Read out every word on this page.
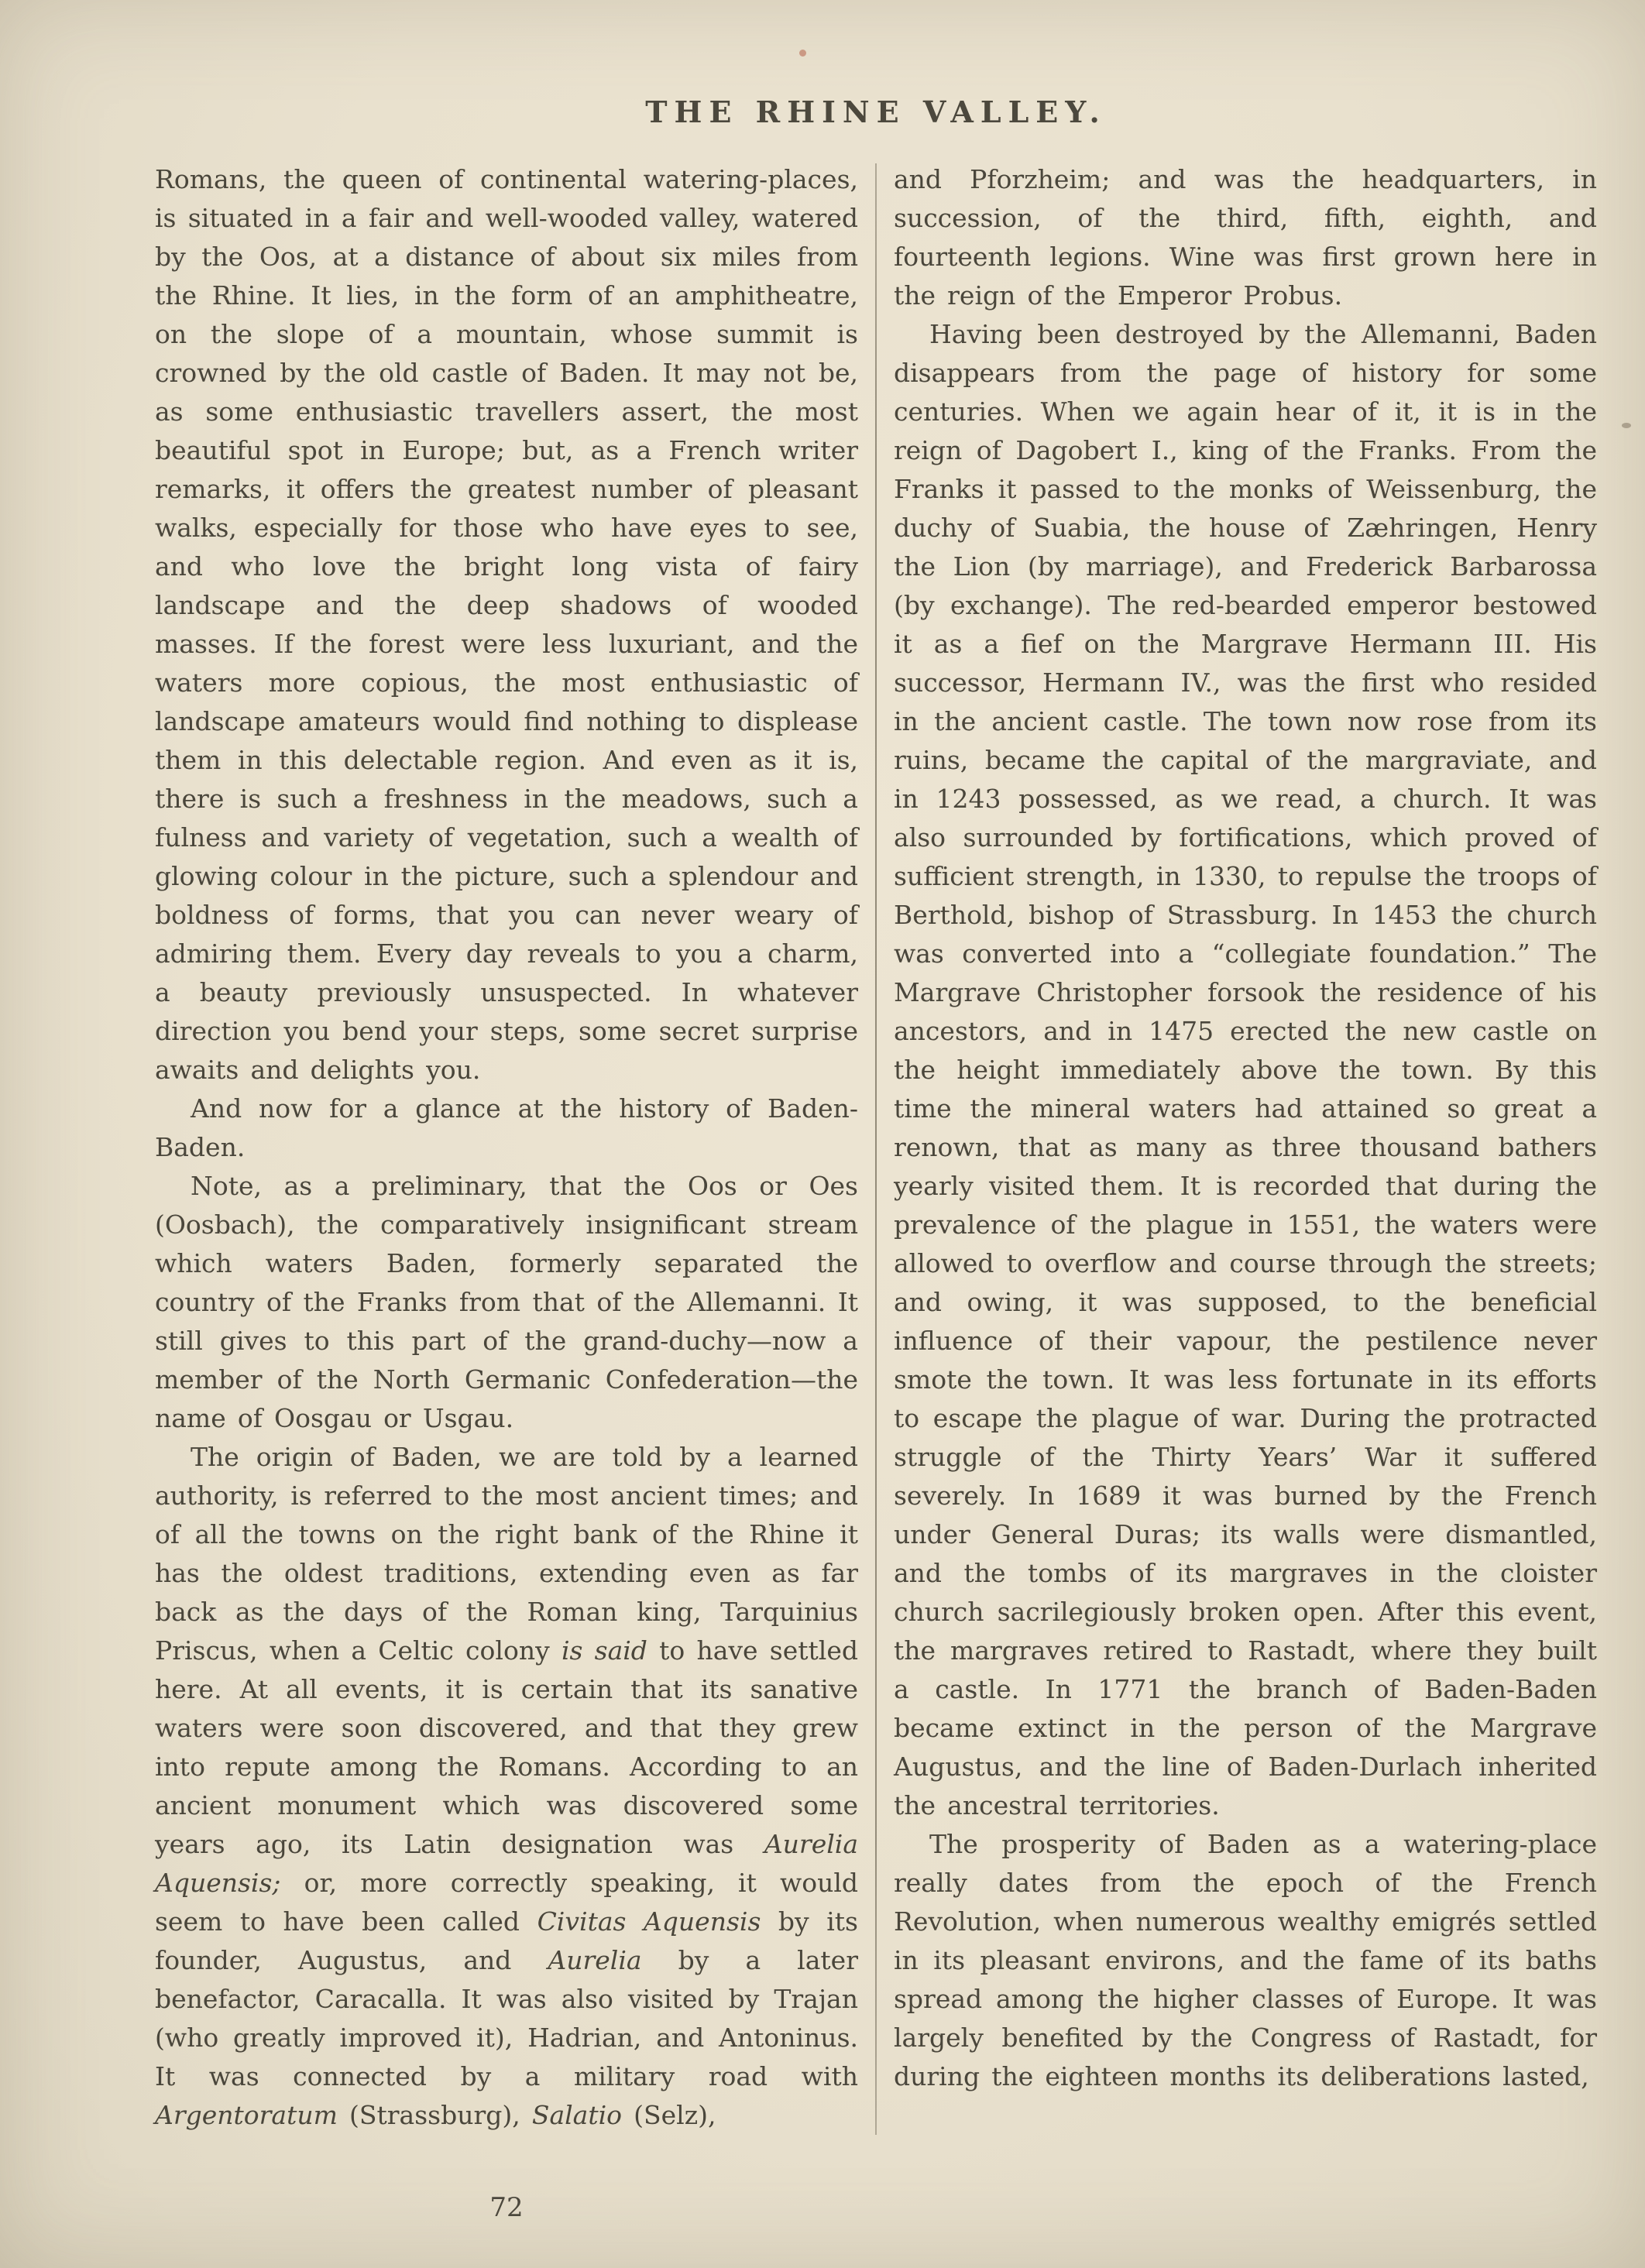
THE RHINE VALLEY.

Romans, the queen of continental watering-places, is situated in a fair and well-wooded valley, watered by the Oos, at a distance of about six miles from the Rhine. It lies, in the form of an amphitheatre, on the slope of a mountain, whose summit is crowned by the old castle of Baden. It may not be, as some enthusiastic travellers assert, the most beautiful spot in Europe; but, as a French writer remarks, it offers the greatest number of pleasant walks, especially for those who have eyes to see, and who love the bright long vista of fairy landscape and the deep shadows of wooded masses. If the forest were less luxuriant, and the waters more copious, the most enthusiastic of landscape amateurs would find nothing to displease them in this delectable region. And even as it is, there is such a freshness in the meadows, such a fulness and variety of vegetation, such a wealth of glowing colour in the picture, such a splendour and boldness of forms, that you can never weary of admiring them. Every day reveals to you a charm, a beauty previously unsuspected. In whatever direction you bend your steps, some secret surprise awaits and delights you.

And now for a glance at the history of Baden-Baden.

Note, as a preliminary, that the Oos or Oes (Oosbach), the comparatively insignificant stream which waters Baden, formerly separated the country of the Franks from that of the Allemanni. It still gives to this part of the grand-duchy—now a member of the North Germanic Confederation—the name of Oosgau or Usgau.

The origin of Baden, we are told by a learned authority, is referred to the most ancient times; and of all the towns on the right bank of the Rhine it has the oldest traditions, extending even as far back as the days of the Roman king, Tarquinius Priscus, when a Celtic colony is said to have settled here. At all events, it is certain that its sanative waters were soon discovered, and that they grew into repute among the Romans. According to an ancient monument which was discovered some years ago, its Latin designation was Aurelia Aquensis; or, more correctly speaking, it would seem to have been called Civitas Aquensis by its founder, Augustus, and Aurelia by a later benefactor, Caracalla. It was also visited by Trajan (who greatly improved it), Hadrian, and Antoninus. It was connected by a military road with Argentoratum (Strassburg), Salatio (Selz),

and Pforzheim; and was the headquarters, in succession, of the third, fifth, eighth, and fourteenth legions. Wine was first grown here in the reign of the Emperor Probus.

Having been destroyed by the Allemanni, Baden disappears from the page of history for some centuries. When we again hear of it, it is in the reign of Dagobert I., king of the Franks. From the Franks it passed to the monks of Weissenburg, the duchy of Suabia, the house of Zæhringen, Henry the Lion (by marriage), and Frederick Barbarossa (by exchange). The red-bearded emperor bestowed it as a fief on the Margrave Hermann III. His successor, Hermann IV., was the first who resided in the ancient castle. The town now rose from its ruins, became the capital of the margraviate, and in 1243 possessed, as we read, a church. It was also surrounded by fortifications, which proved of sufficient strength, in 1330, to repulse the troops of Berthold, bishop of Strassburg. In 1453 the church was converted into a “collegiate foundation.” The Margrave Christopher forsook the residence of his ancestors, and in 1475 erected the new castle on the height immediately above the town. By this time the mineral waters had attained so great a renown, that as many as three thousand bathers yearly visited them. It is recorded that during the prevalence of the plague in 1551, the waters were allowed to overflow and course through the streets; and owing, it was supposed, to the beneficial influence of their vapour, the pestilence never smote the town. It was less fortunate in its efforts to escape the plague of war. During the protracted struggle of the Thirty Years’ War it suffered severely. In 1689 it was burned by the French under General Duras; its walls were dismantled, and the tombs of its margraves in the cloister church sacrilegiously broken open. After this event, the margraves retired to Rastadt, where they built a castle. In 1771 the branch of Baden-Baden became extinct in the person of the Margrave Augustus, and the line of Baden-Durlach inherited the ancestral territories.

The prosperity of Baden as a watering-place really dates from the epoch of the French Revolution, when numerous wealthy emigrés settled in its pleasant environs, and the fame of its baths spread among the higher classes of Europe. It was largely benefited by the Congress of Rastadt, for during the eighteen months its deliberations lasted,

72
